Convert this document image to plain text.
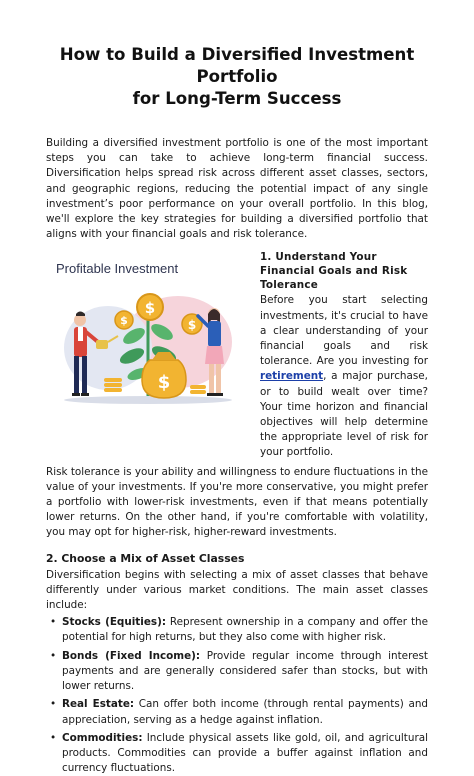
How to Build a Diversified Investment Portfolio
for Long-Term Success
Building a diversified investment portfolio is one of the most important steps you can take to achieve long-term financial success. Diversification helps spread risk across different asset classes, sectors, and geographic regions, reducing the potential impact of any single investment’s poor performance on your overall portfolio. In this blog, we'll explore the key strategies for building a diversified portfolio that aligns with your financial goals and risk tolerance.
Profitable Investment
$
$	$
$
1. Understand Your Financial Goals and Risk Tolerance
Before you start selecting investments, it's crucial to have a clear understanding of your financial goals and risk tolerance. Are you investing for retirement, a major purchase, or to build wealt over time? Your time horizon and financial objectives will help determine the appropriate level of risk for your portfolio.
Risk tolerance is your ability and willingness to endure fluctuations in the value of your investments. If you're more conservative, you might prefer a portfolio with lower-risk investments, even if that means potentially lower returns. On the other hand, if you're comfortable with volatility, you may opt for higher-risk, higher-reward investments.
2. Choose a Mix of Asset Classes
Diversification begins with selecting a mix of asset classes that behave differently under various market conditions. The main asset classes include:
• Stocks (Equities): Represent ownership in a company and offer the potential for high returns, but they also come with higher risk.
• Bonds (Fixed Income): Provide regular income through interest payments and are generally considered safer than stocks, but with lower returns.
• Real Estate: Can offer both income (through rental payments) and appreciation, serving as a hedge against inflation.
• Commodities: Include physical assets like gold, oil, and agricultural products. Commodities can provide a buffer against inflation and currency fluctuations.
